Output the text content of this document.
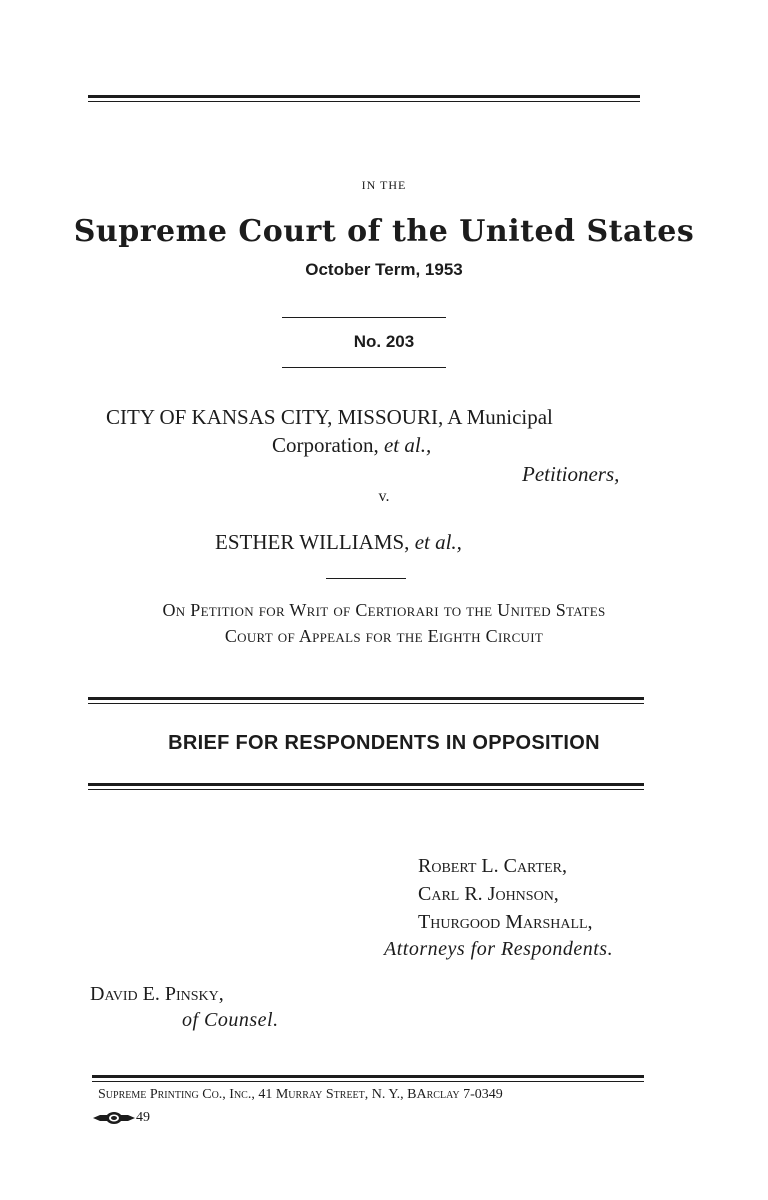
IN THE
Supreme Court of the United States
October Term, 1953
No. 203
CITY OF KANSAS CITY, MISSOURI, A Municipal
Corporation, et al.,
Petitioners,
v.
ESTHER WILLIAMS, et al.,
On Petition for Writ of Certiorari to the United States
Court of Appeals for the Eighth Circuit
BRIEF FOR RESPONDENTS IN OPPOSITION
Robert L. Carter,
Carl R. Johnson,
Thurgood Marshall,
Attorneys for Respondents.
David E. Pinsky,
of Counsel.
Supreme Printing Co., Inc., 41 Murray Street, N. Y., BArclay 7-0349
49
